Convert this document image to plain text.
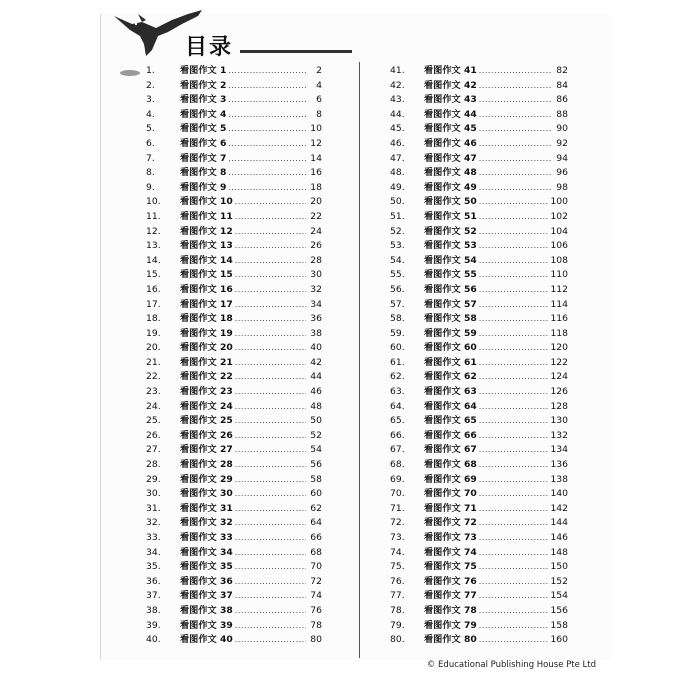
目录
1.	看图作文 1 .....	2
2.	看图作文 2 .....	4
3.	看图作文 3 .....	6
4.	看图作文 4 .....	8
5.	看图作文 5 .....	10
6.	看图作文 6 .....	12
7.	看图作文 7 .....	14
8.	看图作文 8 .....	16
9.	看图作文 9 .....	18
10.	看图作文 10 .....	20
11.	看图作文 11 .....	22
12.	看图作文 12 .....	24
13.	看图作文 13 .....	26
14.	看图作文 14 .....	28
15.	看图作文 15 .....	30
16.	看图作文 16 .....	32
17.	看图作文 17 .....	34
18.	看图作文 18 .....	36
19.	看图作文 19 .....	38
20.	看图作文 20 .....	40
21.	看图作文 21 .....	42
22.	看图作文 22 .....	44
23.	看图作文 23 .....	46
24.	看图作文 24 .....	48
25.	看图作文 25 .....	50
26.	看图作文 26 .....	52
27.	看图作文 27 .....	54
28.	看图作文 28 .....	56
29.	看图作文 29 .....	58
30.	看图作文 30 .....	60
31.	看图作文 31 .....	62
32.	看图作文 32 .....	64
33.	看图作文 33 .....	66
34.	看图作文 34 .....	68
35.	看图作文 35 .....	70
36.	看图作文 36 .....	72
37.	看图作文 37 .....	74
38.	看图作文 38 .....	76
39.	看图作文 39 .....	78
40.	看图作文 40 .....	80
41.	看图作文 41 .....	82
42.	看图作文 42 .....	84
43.	看图作文 43 .....	86
44.	看图作文 44 .....	88
45.	看图作文 45 .....	90
46.	看图作文 46 .....	92
47.	看图作文 47 .....	94
48.	看图作文 48 .....	96
49.	看图作文 49 .....	98
50.	看图作文 50 .....	100
51.	看图作文 51 .....	102
52.	看图作文 52 .....	104
53.	看图作文 53 .....	106
54.	看图作文 54 .....	108
55.	看图作文 55 .....	110
56.	看图作文 56 .....	112
57.	看图作文 57 .....	114
58.	看图作文 58 .....	116
59.	看图作文 59 .....	118
60.	看图作文 60 .....	120
61.	看图作文 61 .....	122
62.	看图作文 62 .....	124
63.	看图作文 63 .....	126
64.	看图作文 64 .....	128
65.	看图作文 65 .....	130
66.	看图作文 66 .....	132
67.	看图作文 67 .....	134
68.	看图作文 68 .....	136
69.	看图作文 69 .....	138
70.	看图作文 70 .....	140
71.	看图作文 71 .....	142
72.	看图作文 72 .....	144
73.	看图作文 73 .....	146
74.	看图作文 74 .....	148
75.	看图作文 75 .....	150
76.	看图作文 76 .....	152
77.	看图作文 77 .....	154
78.	看图作文 78 .....	156
79.	看图作文 79 .....	158
80.	看图作文 80 .....	160
© Educational Publishing House Pte Ltd
